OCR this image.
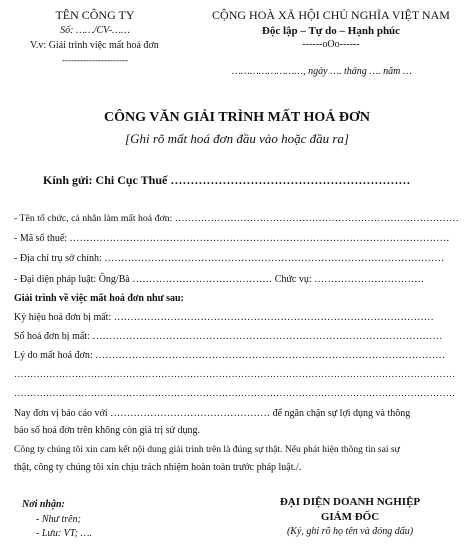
TÊN CÔNG TY
Số: ……/CV-……
V.v: Giải trình việc mất hoá đơn
----------------------
CỘNG HOÀ XÃ HỘI CHỦ NGHĨA VIỆT NAM
Độc lập – Tự do – Hạnh phúc
------oOo------
……………………, ngày …. tháng …. năm …
CÔNG VĂN GIẢI TRÌNH MẤT HOÁ ĐƠN
[Ghi rõ mất hoá đơn đầu vào hoặc đầu ra]
Kính gửi: Chi Cục Thuế ……………………………………………………
- Tên tổ chức, cá nhân làm mất hoá đơn: ……………………………………………………………………………
- Mã số thuế: ……………………………………………………………………………………………………
- Địa chỉ trụ sở chính: …………………………………………………………………………………………
- Đại diện pháp luật: Ông/Bà …………………………………… Chức vụ: ……………………………
Giải trình về việc mất hoá đơn như sau:
Ký hiệu hoá đơn bị mất: ……………………………………………………………………………………
Số hoá đơn bị mất: ……………………………………………………………………………………………
Lý do mất hoá đơn: ……………………………………………………………………………………………
…………………………………………………………………………………………………………………………
…………………………………………………………………………………………………………………………
Nay đơn vị báo cáo với ………………………………………… để ngăn chặn sự lợi dụng và thông
báo số hoá đơn trên không còn giá trị sử dụng.
Công ty chúng tôi xin cam kết nội dung giải trình trên là đúng sự thật. Nếu phát hiện thông tin sai sự
thật, công ty chúng tôi xin chịu trách nhiệm hoàn toàn trước pháp luật./.
Nơi nhận:
- Như trên;
- Lưu: VT; ….
ĐẠI DIỆN DOANH NGHIỆP
GIÁM ĐỐC
(Ký, ghi rõ họ tên và đóng dấu)
